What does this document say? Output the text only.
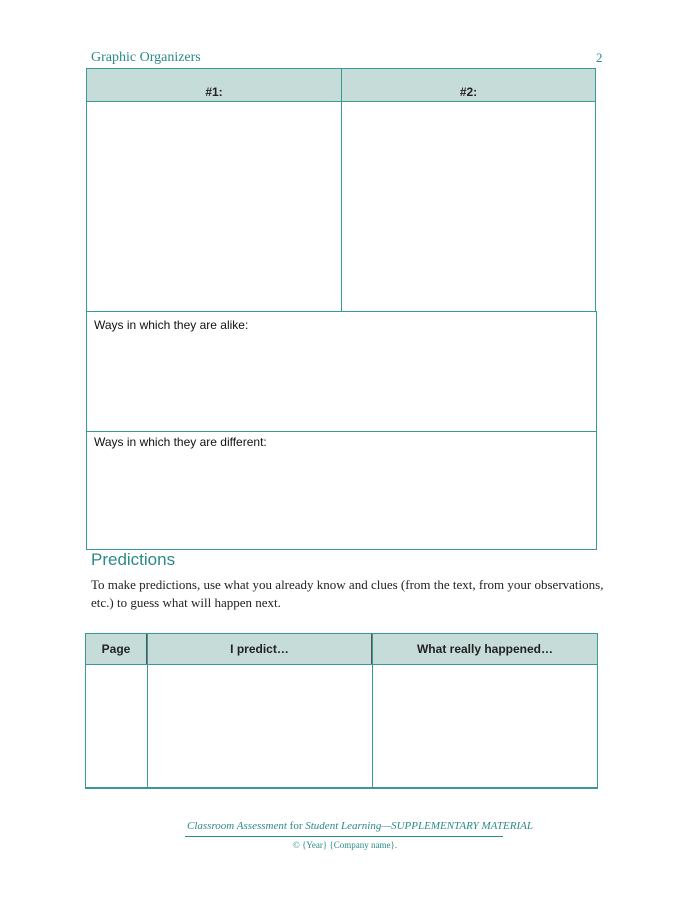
Graphic Organizers	2
#1:	#2:
Ways in which they are alike:
Ways in which they are different:
Predictions
To make predictions, use what you already know and clues (from the text, from your observations, etc.) to guess what will happen next.
Page	I predict…	What really happened…
Classroom Assessment for Student Learning—SUPPLEMENTARY MATERIAL
© {Year} {Company name}.
